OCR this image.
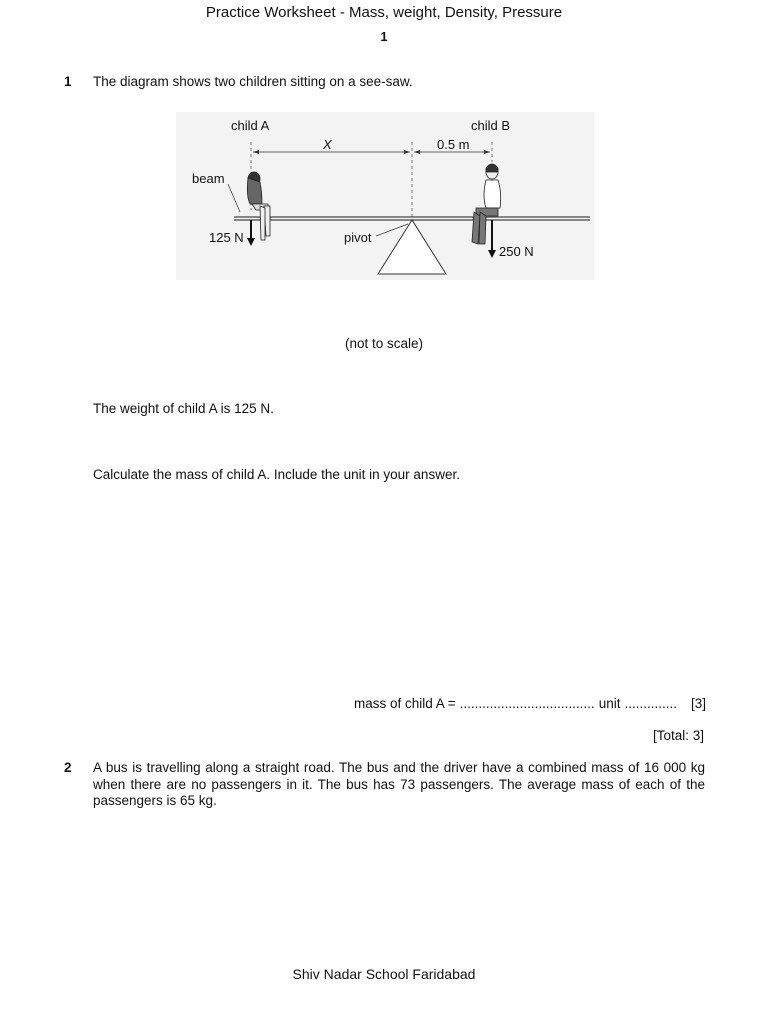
Practice Worksheet - Mass, weight, Density, Pressure
1
1 The diagram shows two children sitting on a see-saw.
child A	child B
X	0.5 m
beam
pivot
125 N
250 N
(not to scale)
The weight of child A is 125 N.
Calculate the mass of child A. Include the unit in your answer.
mass of child A = .................................... unit .............. [3]
[Total: 3]
2 A bus is travelling along a straight road. The bus and the driver have a combined mass of 16 000 kg when there are no passengers in it. The bus has 73 passengers. The average mass of each of the passengers is 65 kg.
Shiv Nadar School Faridabad
